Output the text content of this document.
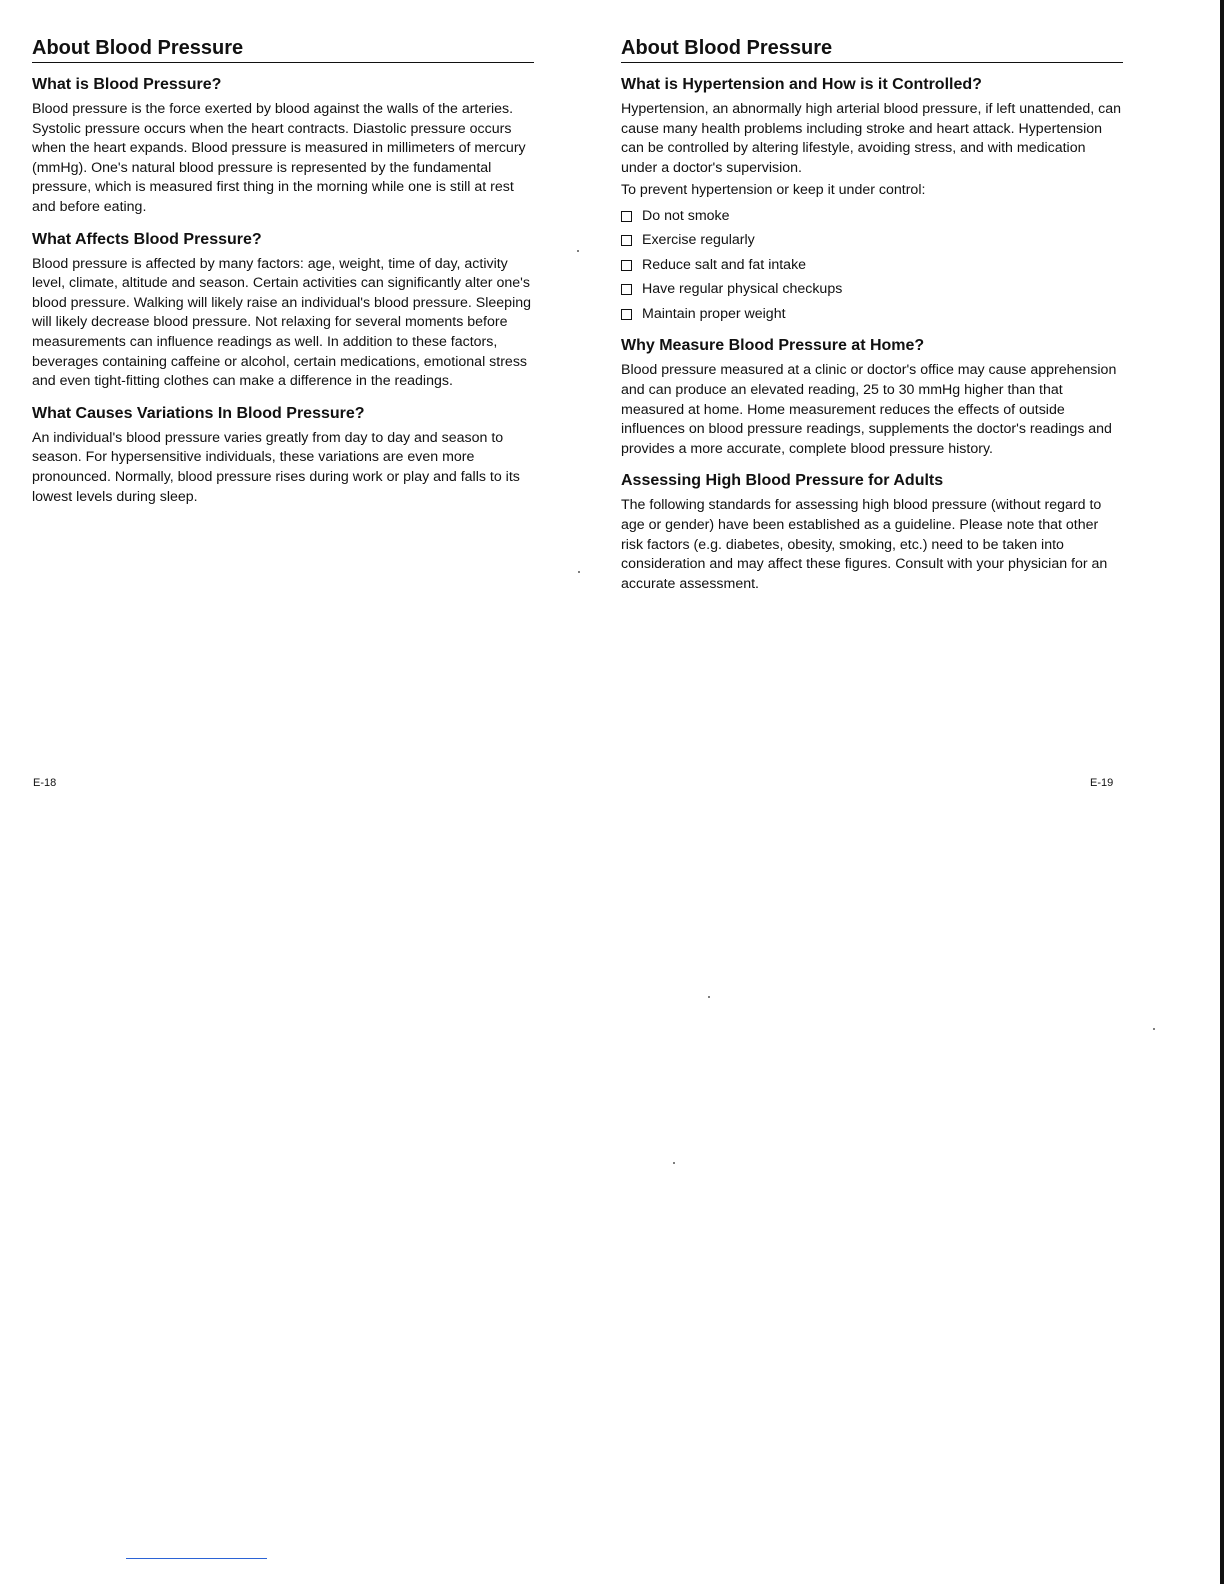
About Blood Pressure
What is Blood Pressure?

Blood pressure is the force exerted by blood against the walls of the arteries. Systolic pressure occurs when the heart contracts. Diastolic pressure occurs when the heart expands. Blood pressure is measured in millimeters of mercury (mmHg). One's natural blood pressure is represented by the fundamental pressure, which is measured first thing in the morning while one is still at rest and before eating.

What Affects Blood Pressure?

Blood pressure is affected by many factors: age, weight, time of day, activity level, climate, altitude and season. Certain activities can significantly alter one's blood pressure. Walking will likely raise an individual's blood pressure. Sleeping will likely decrease blood pressure. Not relaxing for several moments before measurements can influence readings as well. In addition to these factors, beverages containing caffeine or alcohol, certain medications, emotional stress and even tight-fitting clothes can make a difference in the readings.

What Causes Variations In Blood Pressure?

An individual's blood pressure varies greatly from day to day and season to season. For hypersensitive individuals, these variations are even more pronounced. Normally, blood pressure rises during work or play and falls to its lowest levels during sleep.

E-18
About Blood Pressure
What is Hypertension and How is it Controlled?

Hypertension, an abnormally high arterial blood pressure, if left unattended, can cause many health problems including stroke and heart attack. Hypertension can be controlled by altering lifestyle, avoiding stress, and with medication under a doctor's supervision.

To prevent hypertension or keep it under control:

Do not smoke
Exercise regularly
Reduce salt and fat intake
Have regular physical checkups
Maintain proper weight
Why Measure Blood Pressure at Home?

Blood pressure measured at a clinic or doctor's office may cause apprehension and can produce an elevated reading, 25 to 30 mmHg higher than that measured at home. Home measurement reduces the effects of outside influences on blood pressure readings, supplements the doctor's readings and provides a more accurate, complete blood pressure history.

Assessing High Blood Pressure for Adults

The following standards for assessing high blood pressure (without regard to age or gender) have been established as a guideline. Please note that other risk factors (e.g. diabetes, obesity, smoking, etc.) need to be taken into consideration and may affect these figures. Consult with your physician for an accurate assessment.

E-19
